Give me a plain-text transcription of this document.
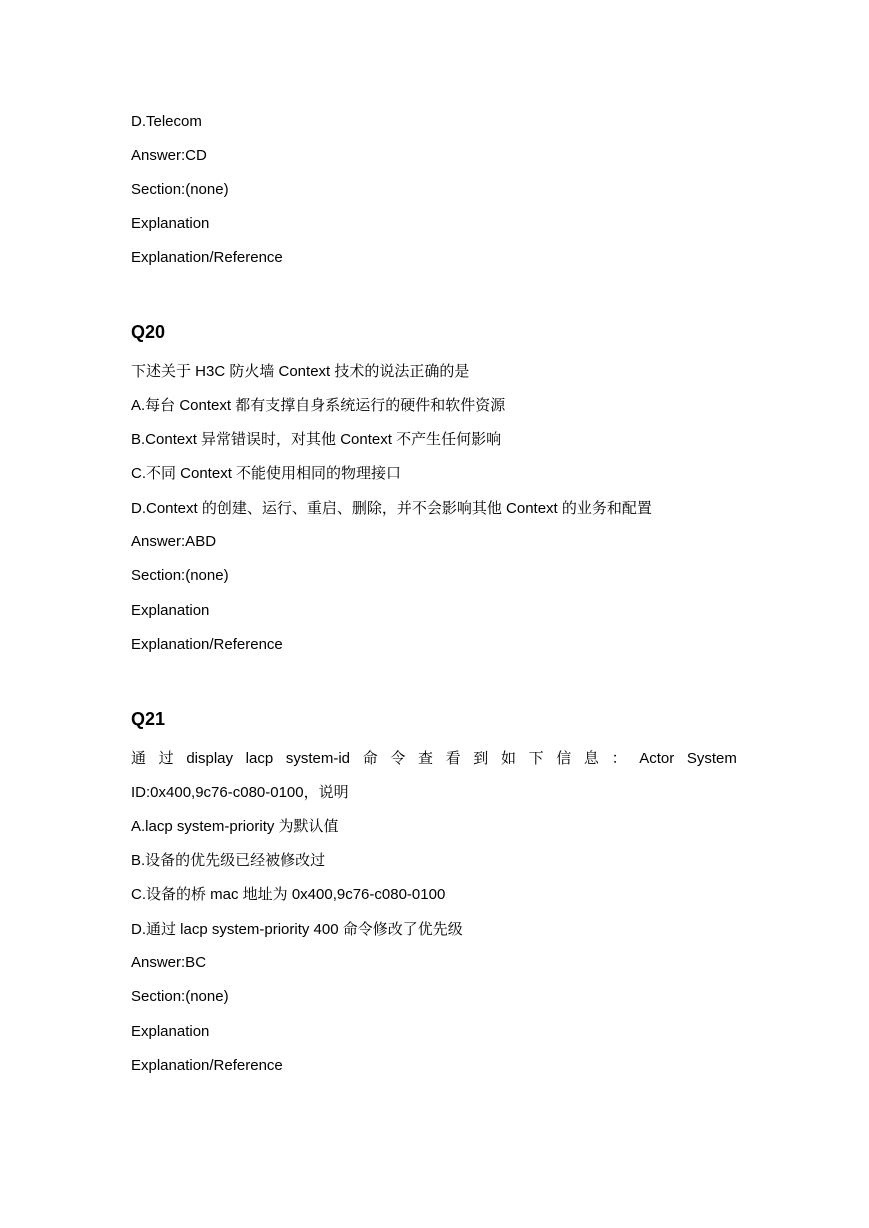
D.Telecom
Answer:CD
Section:(none)
Explanation
Explanation/Reference
Q20
下述关于 H3C 防火墙 Context 技术的说法正确的是
A.每台 Context 都有支撑自身系统运行的硬件和软件资源
B.Context 异常错误时，对其他 Context 不产生任何影响
C.不同 Context 不能使用相同的物理接口
D.Context 的创建、运行、重启、删除，并不会影响其他 Context 的业务和配置
Answer:ABD
Section:(none)
Explanation
Explanation/Reference
Q21
通 过 display lacp system-id 命 令 查 看 到 如 下 信 息 ： Actor System
ID:0x400,9c76-c080-0100，说明
A.lacp system-priority 为默认值
B.设备的优先级已经被修改过
C.设备的桥 mac 地址为 0x400,9c76-c080-0100
D.通过 lacp system-priority 400 命令修改了优先级
Answer:BC
Section:(none)
Explanation
Explanation/Reference
